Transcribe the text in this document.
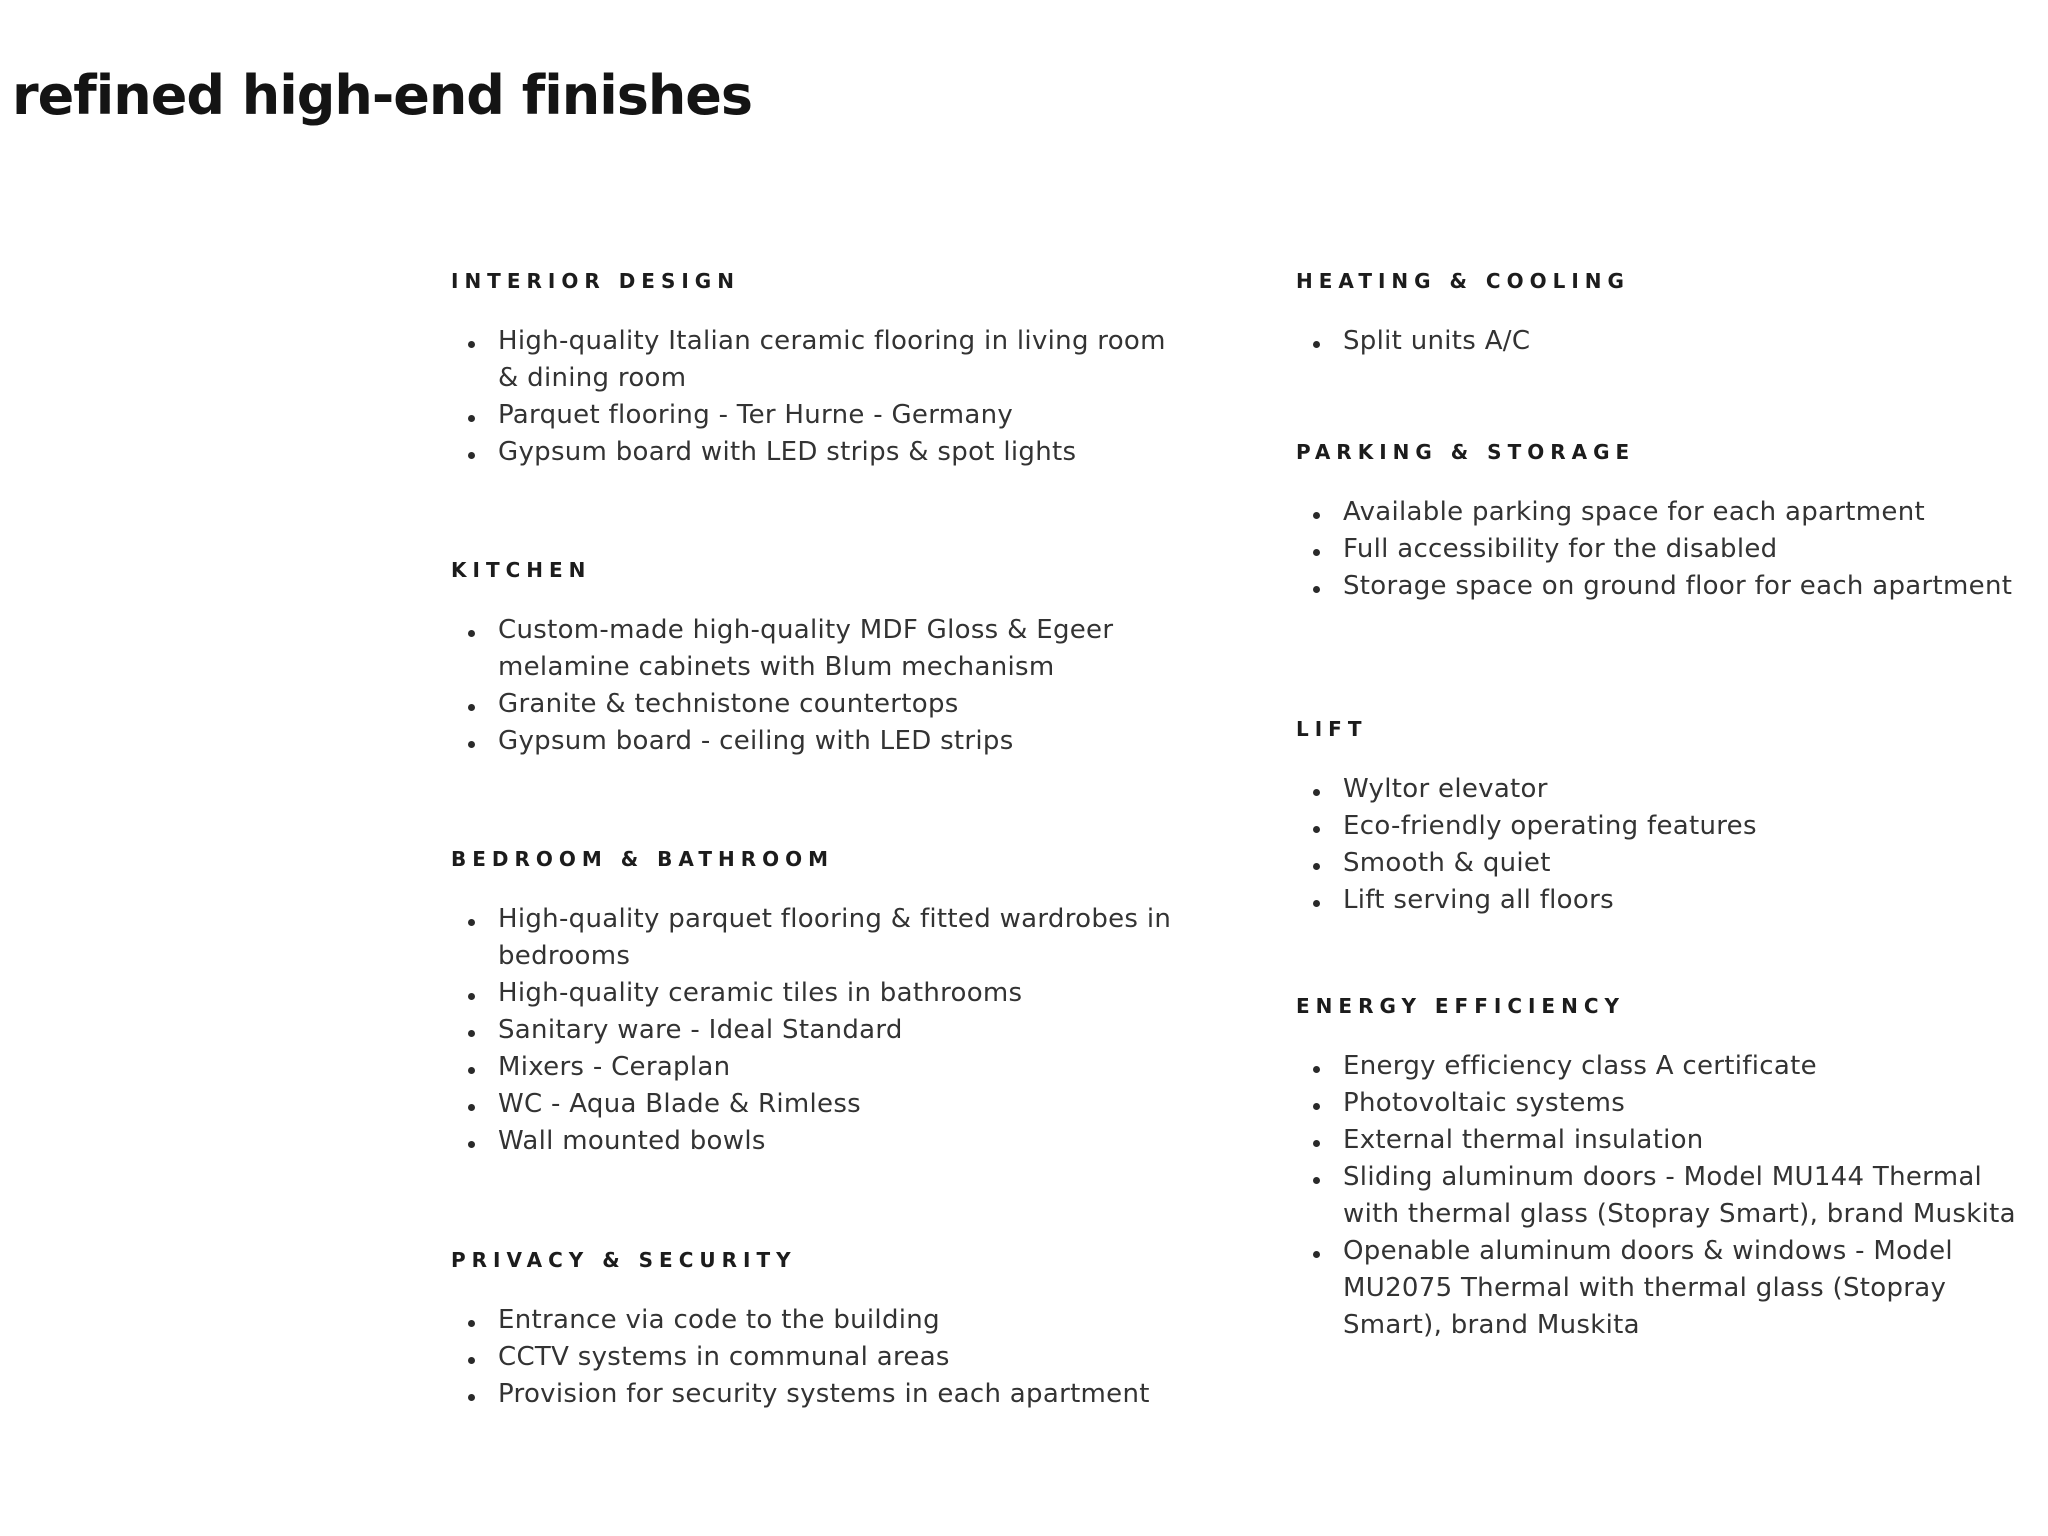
refined high-end finishes
INTERIOR DESIGN
High-quality Italian ceramic flooring in living room & dining room
Parquet flooring - Ter Hurne - Germany
Gypsum board with LED strips & spot lights
KITCHEN
Custom-made high-quality MDF Gloss & Egeer melamine cabinets with Blum mechanism
Granite & technistone countertops
Gypsum board - ceiling with LED strips
BEDROOM & BATHROOM
High-quality parquet flooring & fitted wardrobes in bedrooms
High-quality ceramic tiles in bathrooms
Sanitary ware - Ideal Standard
Mixers - Ceraplan
WC - Aqua Blade & Rimless
Wall mounted bowls
PRIVACY & SECURITY
Entrance via code to the building
CCTV systems in communal areas
Provision for security systems in each apartment
HEATING & COOLING
Split units A/C
PARKING & STORAGE
Available parking space for each apartment
Full accessibility for the disabled
Storage space on ground floor for each apartment
LIFT
Wyltor elevator
Eco-friendly operating features
Smooth & quiet
Lift serving all floors
ENERGY EFFICIENCY
Energy efficiency class A certificate
Photovoltaic systems
External thermal insulation
Sliding aluminum doors - Model MU144 Thermal with thermal glass (Stopray Smart), brand Muskita
Openable aluminum doors & windows - Model MU2075 Thermal with thermal glass (Stopray Smart), brand Muskita
